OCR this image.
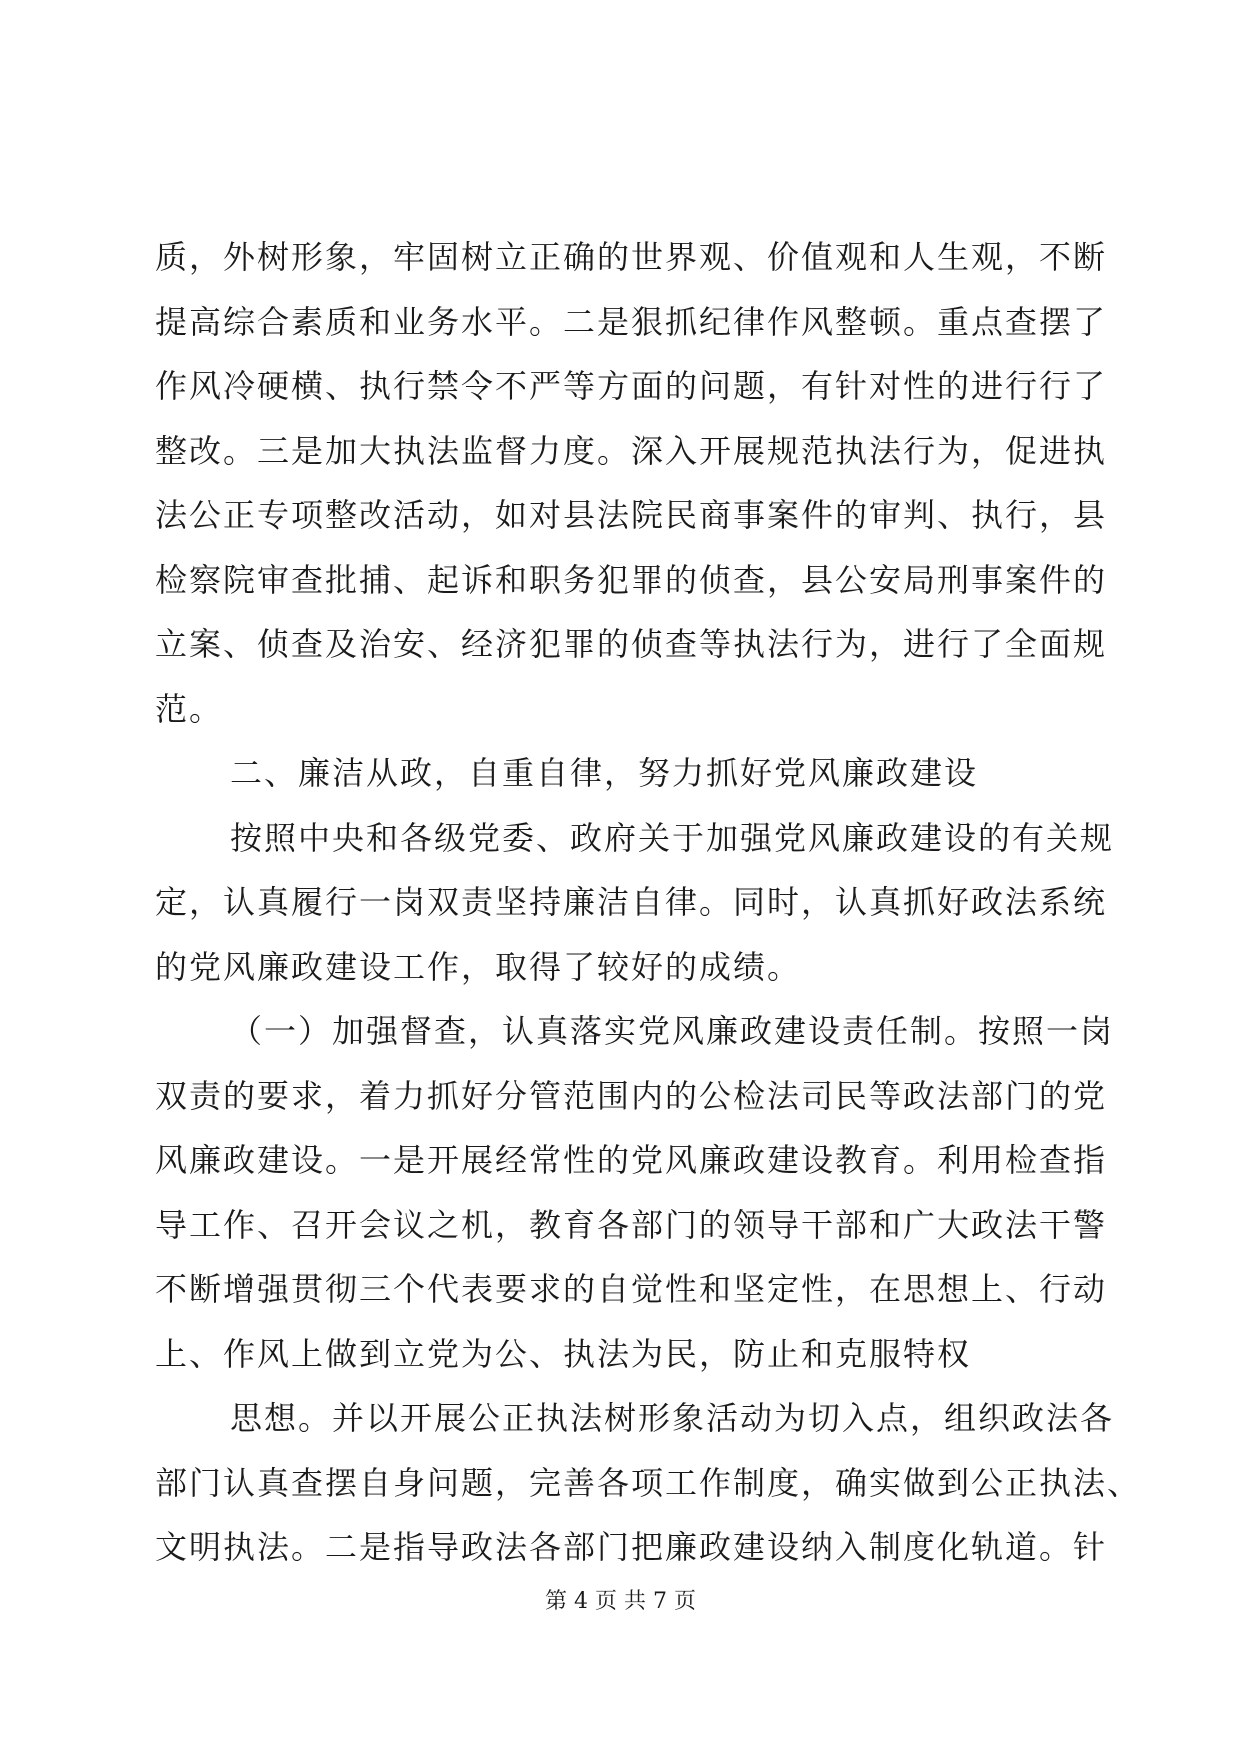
质，外树形象，牢固树立正确的世界观、价值观和人生观，不断
提高综合素质和业务水平。二是狠抓纪律作风整顿。重点查摆了
作风冷硬横、执行禁令不严等方面的问题，有针对性的进行行了
整改。三是加大执法监督力度。深入开展规范执法行为，促进执
法公正专项整改活动，如对县法院民商事案件的审判、执行，县
检察院审查批捕、起诉和职务犯罪的侦查，县公安局刑事案件的
立案、侦查及治安、经济犯罪的侦查等执法行为，进行了全面规
范。
二、廉洁从政，自重自律，努力抓好党风廉政建设
按照中央和各级党委、政府关于加强党风廉政建设的有关规
定，认真履行一岗双责坚持廉洁自律。同时，认真抓好政法系统
的党风廉政建设工作，取得了较好的成绩。
（一）加强督查，认真落实党风廉政建设责任制。按照一岗
双责的要求，着力抓好分管范围内的公检法司民等政法部门的党
风廉政建设。一是开展经常性的党风廉政建设教育。利用检查指
导工作、召开会议之机，教育各部门的领导干部和广大政法干警
不断增强贯彻三个代表要求的自觉性和坚定性，在思想上、行动
上、作风上做到立党为公、执法为民，防止和克服特权
思想。并以开展公正执法树形象活动为切入点，组织政法各
部门认真查摆自身问题，完善各项工作制度，确实做到公正执法、
文明执法。二是指导政法各部门把廉政建设纳入制度化轨道。针
第 4 页 共 7 页
